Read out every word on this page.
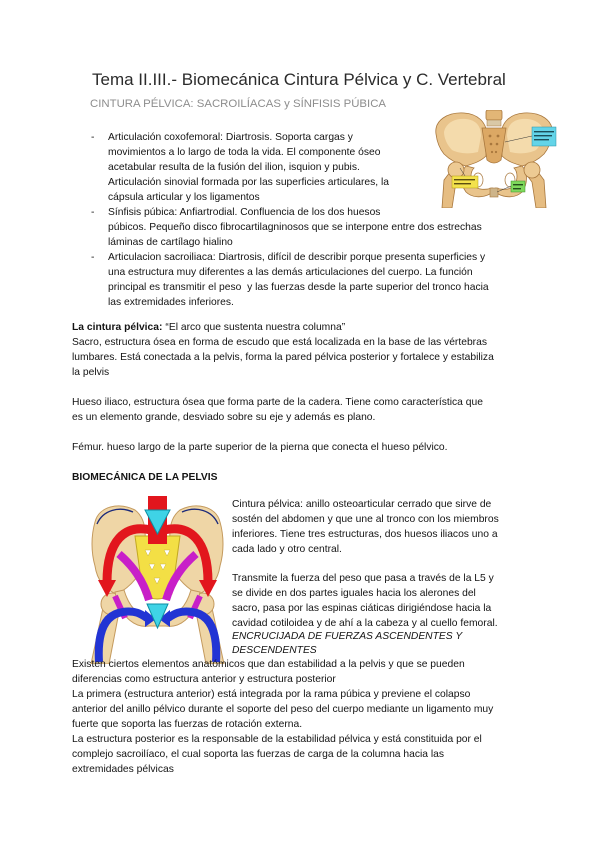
Tema II.III.- Biomecánica Cintura Pélvica y C. Vertebral
CINTURA PÉLVICA: SACROILÍACAS y SÍNFISIS PÚBICA
- Articulación coxofemoral: Diartrosis. Soporta cargas y
movimientos a lo largo de toda la vida. El componente óseo
acetabular resulta de la fusión del ilion, isquion y pubis.
Articulación sinovial formada por las superficies articulares, la
cápsula articular y los ligamentos
- Sínfisis púbica: Anfiartrodial. Confluencia de los dos huesos
púbicos. Pequeño disco fibrocartilagninosos que se interpone entre dos estrechas
láminas de cartílago hialino
- Articulacion sacroiliaca: Diartrosis, difícil de describir porque presenta superficies y
una estructura muy diferentes a las demás articulaciones del cuerpo. La función
principal es transmitir el peso  y las fuerzas desde la parte superior del tronco hacia
las extremidades inferiores.
La cintura pélvica: “El arco que sustenta nuestra columna”
Sacro, estructura ósea en forma de escudo que está localizada en la base de las vértebras
lumbares. Está conectada a la pelvis, forma la pared pélvica posterior y fortalece y estabiliza
la pelvis
Hueso iliaco, estructura ósea que forma parte de la cadera. Tiene como característica que
es un elemento grande, desviado sobre su eje y además es plano.
Fémur. hueso largo de la parte superior de la pierna que conecta el hueso pélvico.
BIOMECÁNICA DE LA PELVIS
Cintura pélvica: anillo osteoarticular cerrado que sirve de
sostén del abdomen y que une al tronco con los miembros
inferiores. Tiene tres estructuras, dos huesos iliacos uno a
cada lado y otro central.
Transmite la fuerza del peso que pasa a través de la L5 y
se divide en dos partes iguales hacia los alerones del
sacro, pasa por las espinas ciáticas dirigiéndose hacia la
cavidad cotiloidea y de ahí a la cabeza y al cuello femoral.
ENCRUCIJADA DE FUERZAS ASCENDENTES Y
DESCENDENTES
Existen ciertos elementos anatómicos que dan estabilidad a la pelvis y que se pueden
diferencias como estructura anterior y estructura posterior
La primera (estructura anterior) está integrada por la rama púbica y previene el colapso
anterior del anillo pélvico durante el soporte del peso del cuerpo mediante un ligamento muy
fuerte que soporta las fuerzas de rotación externa.
La estructura posterior es la responsable de la estabilidad pélvica y está constituida por el
complejo sacroilíaco, el cual soporta las fuerzas de carga de la columna hacia las
extremidades pélvicas
